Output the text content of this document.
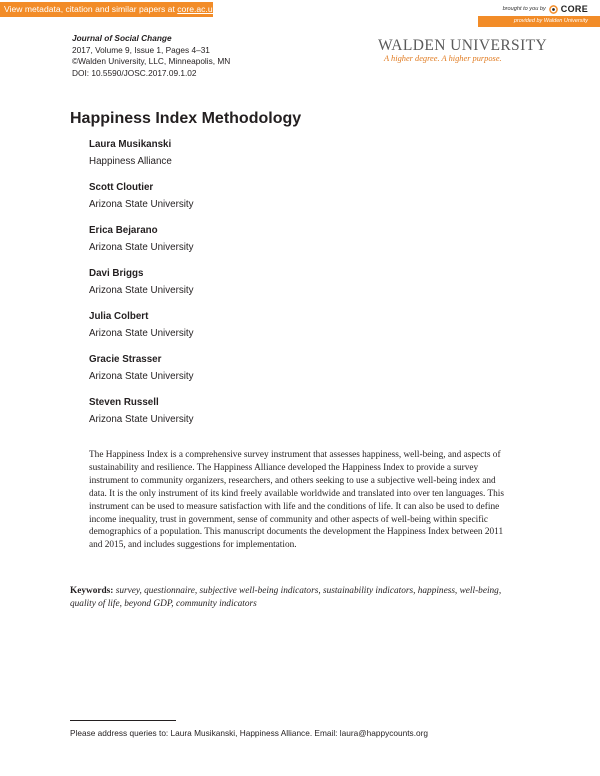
View metadata, citation and similar papers at core.ac.uk	brought to you by CORE
provided by Walden University
Journal of Social Change
2017, Volume 9, Issue 1, Pages 4–31
©Walden University, LLC, Minneapolis, MN
DOI: 10.5590/JOSC.2017.09.1.02
WALDEN UNIVERSITY
A higher degree. A higher purpose.
Happiness Index Methodology
Laura Musikanski
Happiness Alliance
Scott Cloutier
Arizona State University
Erica Bejarano
Arizona State University
Davi Briggs
Arizona State University
Julia Colbert
Arizona State University
Gracie Strasser
Arizona State University
Steven Russell
Arizona State University
The Happiness Index is a comprehensive survey instrument that assesses happiness, well-being, and aspects of sustainability and resilience. The Happiness Alliance developed the Happiness Index to provide a survey instrument to community organizers, researchers, and others seeking to use a subjective well-being index and data. It is the only instrument of its kind freely available worldwide and translated into over ten languages. This instrument can be used to measure satisfaction with life and the conditions of life. It can also be used to define income inequality, trust in government, sense of community and other aspects of well-being within specific demographics of a population. This manuscript documents the development the Happiness Index between 2011 and 2015, and includes suggestions for implementation.
Keywords: survey, questionnaire, subjective well-being indicators, sustainability indicators, happiness, well-being, quality of life, beyond GDP, community indicators
Please address queries to: Laura Musikanski, Happiness Alliance. Email: laura@happycounts.org
